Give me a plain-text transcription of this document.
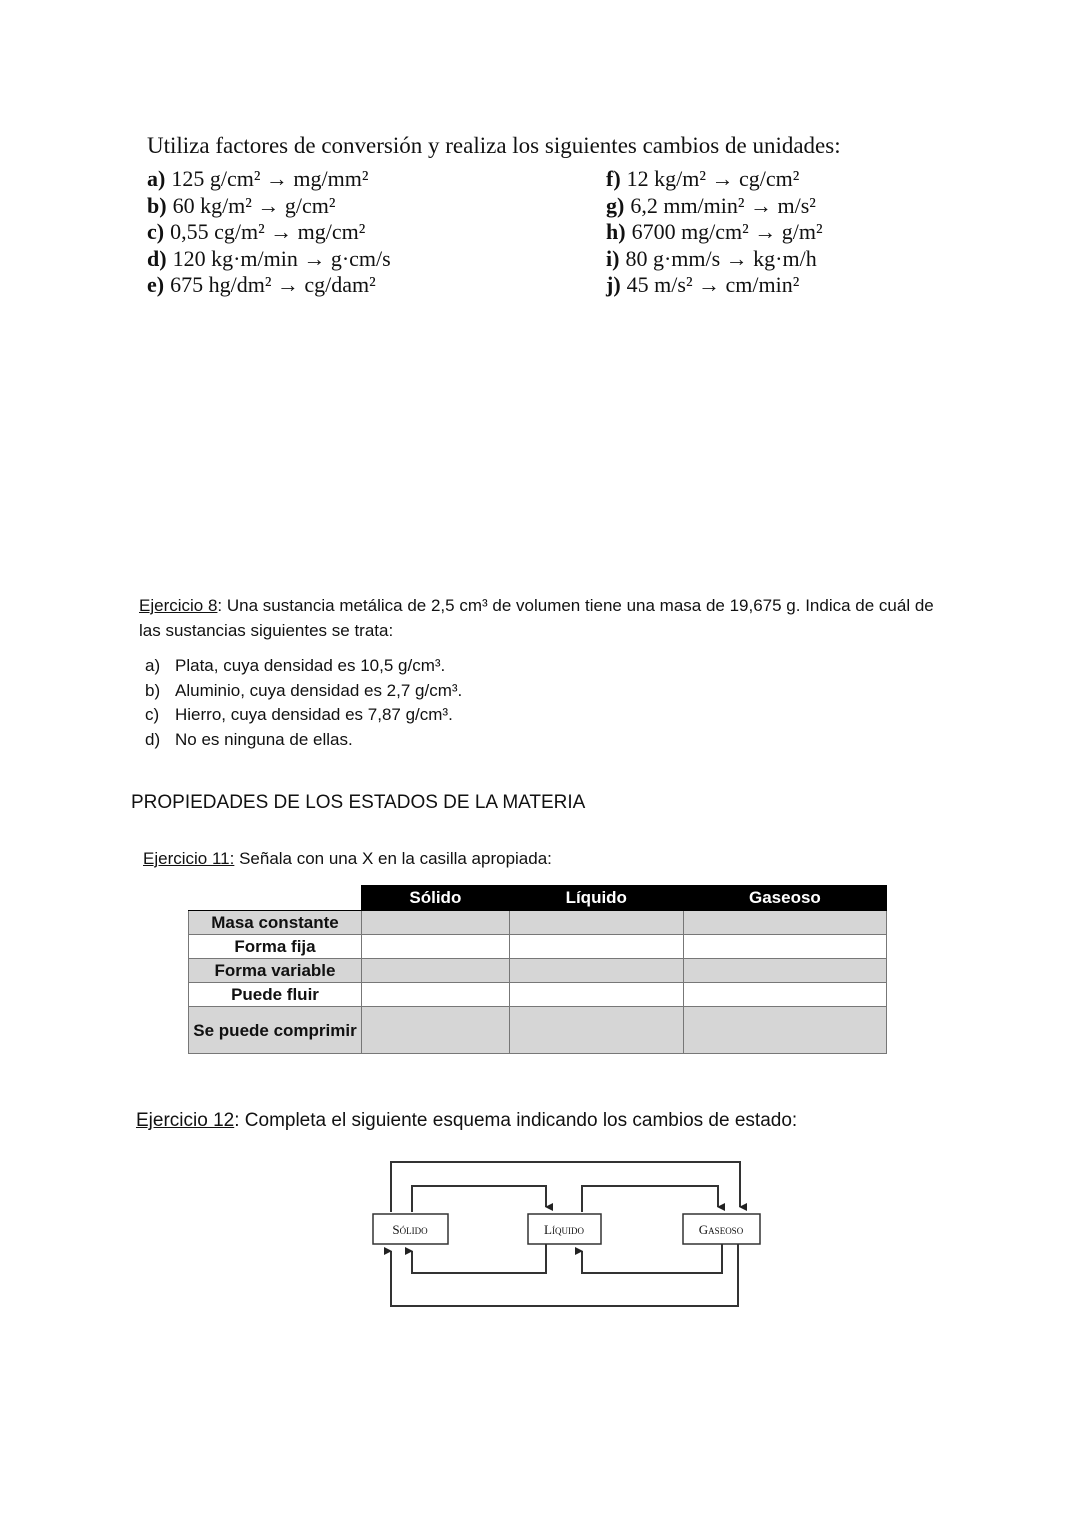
Utiliza factores de conversión y realiza los siguientes cambios de unidades:
a) 125 g/cm² → mg/mm²
b) 60 kg/m² → g/cm²
c) 0,55 cg/m² → mg/cm²
d) 120 kg·m/min → g·cm/s
e) 675 hg/dm² → cg/dam²
f) 12 kg/m² → cg/cm²
g) 6,2 mm/min² → m/s²
h) 6700 mg/cm² → g/m²
i) 80 g·mm/s → kg·m/h
j) 45 m/s² → cm/min²
Ejercicio 8: Una sustancia metálica de 2,5 cm³ de volumen tiene una masa de 19,675 g. Indica de cuál de las sustancias siguientes se trata:
a) Plata, cuya densidad es 10,5 g/cm³.
b) Aluminio, cuya densidad es 2,7 g/cm³.
c) Hierro, cuya densidad es 7,87 g/cm³.
d) No es ninguna de ellas.
PROPIEDADES DE LOS ESTADOS DE LA MATERIA
Ejercicio 11: Señala con una X en la casilla apropiada:
	Sólido	Líquido	Gaseoso
Masa constante			
Forma fija			
Forma variable			
Puede fluir			
Se puede comprimir			
Ejercicio 12: Completa el siguiente esquema indicando los cambios de estado:
Sólido	Líquido	Gaseoso
